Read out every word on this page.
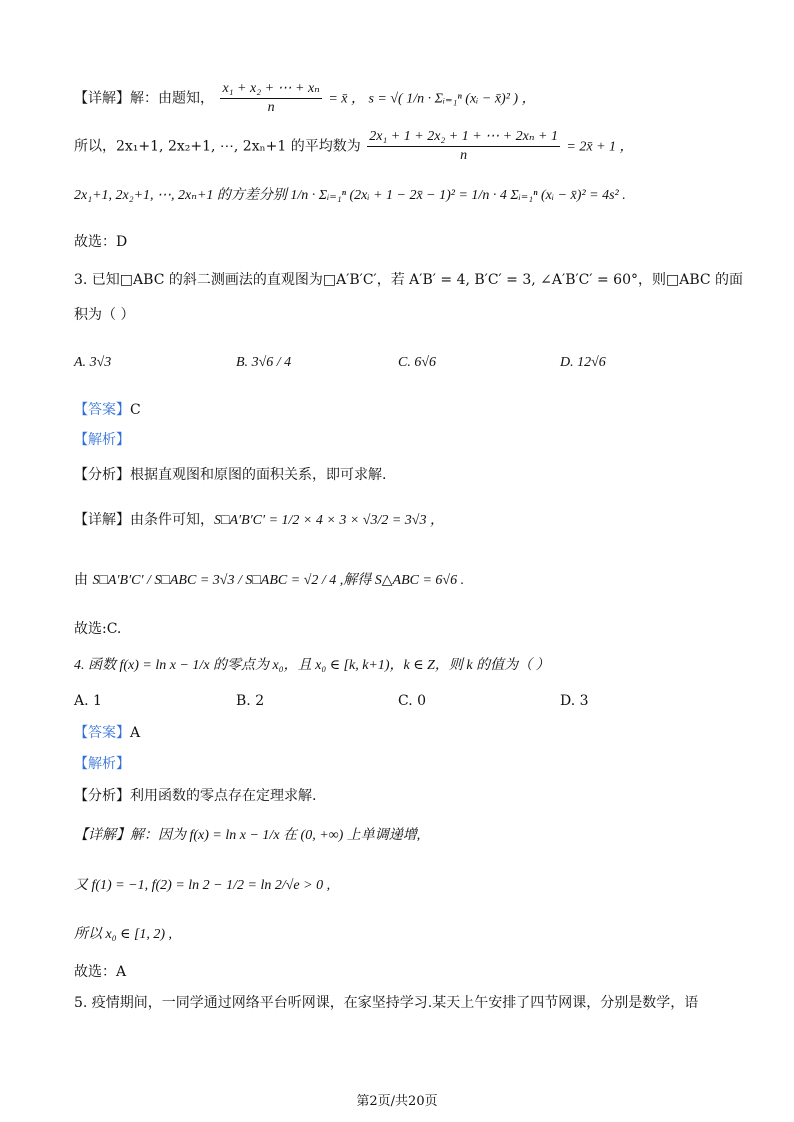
【详解】解：由题知， $\frac{\text{x₁ + x₂ + ⋯ + xₙ}}{n}$ = x̄ ， s = √( 1/n · Σᵢ₌₁ⁿ (xᵢ − x̄)² ) ，
所以，2x₁+1, 2x₂+1, ⋯, 2xₙ+1 的平均数为 $\frac{\text{2x₁ + 1 + 2x₂ + 1 + ⋯ + 2xₙ + 1}}{n}$ = 2x̄ + 1 ，
2x₁+1, 2x₂+1, ⋯, 2xₙ+1 的方差分别 1/n · Σᵢ₌₁ⁿ (2xᵢ + 1 − 2x̄ − 1)² = 1/n · 4 Σᵢ₌₁ⁿ (xᵢ − x̄)² = 4s² .
故选：D
3. 已知□ABC 的斜二测画法的直观图为□A′B′C′，若 A′B′ = 4, B′C′ = 3, ∠A′B′C′ = 60°，则□ABC 的面
积为（ ）
A. 3√3	B. 3√6 / 4	C. 6√6	D. 12√6
【答案】C
【解析】
【分析】根据直观图和原图的面积关系，即可求解.
【详解】由条件可知，S□A′B′C′ = 1/2 × 4 × 3 × √3/2 = 3√3 ，
由 S□A′B′C′ / S□ABC = 3√3 / S□ABC = √2 / 4 ,解得 S△ABC = 6√6 .
故选:C.
4. 函数 f(x) = ln x − 1/x 的零点为 x₀，且 x₀ ∈ [k, k+1)，k ∈ Z，则 k 的值为（ ）
A. 1	B. 2	C. 0	D. 3
【答案】A
【解析】
【分析】利用函数的零点存在定理求解.
【详解】解：因为 f(x) = ln x − 1/x 在 (0, +∞) 上单调递增,
又 f(1) = −1, f(2) = ln 2 − 1/2 = ln 2/√e > 0 ,
所以 x₀ ∈ [1, 2) ,
故选：A
5. 疫情期间，一同学通过网络平台听网课，在家坚持学习.某天上午安排了四节网课，分别是数学，语
第2页/共20页
